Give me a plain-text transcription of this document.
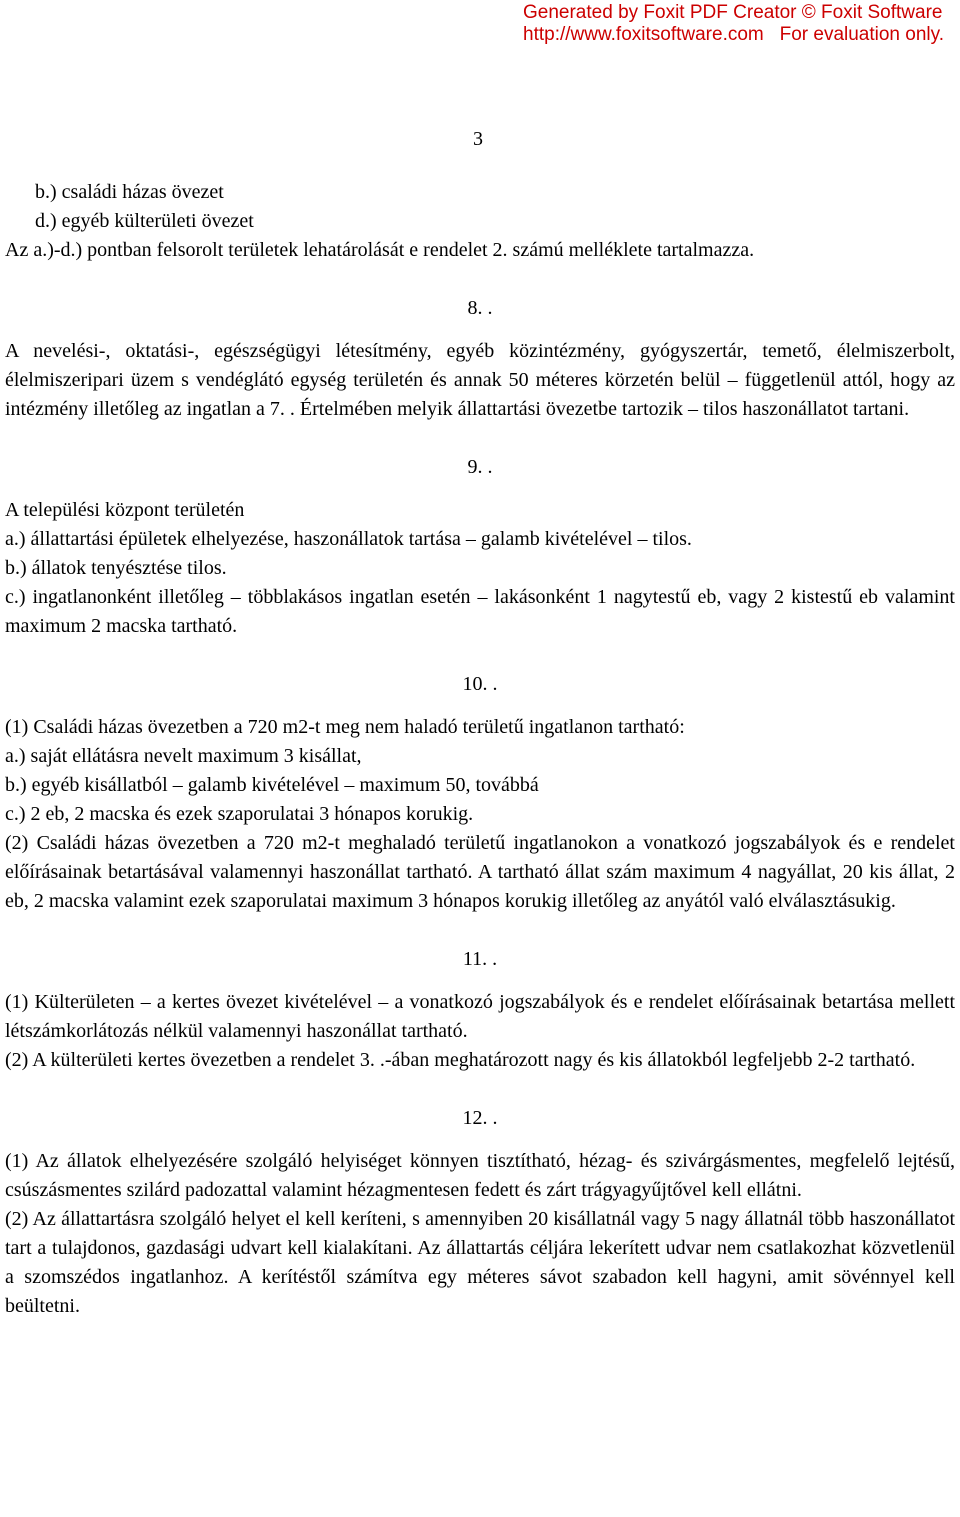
Generated by Foxit PDF Creator © Foxit Software
http://www.foxitsoftware.com For evaluation only.
3
b.) családi házas övezet
d.) egyéb külterületi övezet
Az a.)-d.) pontban felsorolt területek lehatárolását e rendelet 2. számú melléklete tartalmazza.
8. .
A nevelési-, oktatási-, egészségügyi létesítmény, egyéb közintézmény, gyógyszertár, temető, élelmiszerbolt, élelmiszeripari üzem s vendéglátó egység területén és annak 50 méteres körzetén belül – függetlenül attól, hogy az intézmény illetőleg az ingatlan a 7. . Értelmében melyik állattartási övezetbe tartozik – tilos haszonállatot tartani.
9. .
A települési központ területén
a.) állattartási épületek elhelyezése, haszonállatok tartása – galamb kivételével – tilos.
b.) állatok tenyésztése tilos.
c.) ingatlanonként illetőleg – többlakásos ingatlan esetén – lakásonként 1 nagytestű eb, vagy 2 kistestű eb valamint maximum 2 macska tartható.
10. .
(1) Családi házas övezetben a 720 m2-t meg nem haladó területű ingatlanon tartható:
a.) saját ellátásra nevelt maximum 3 kisállat,
b.) egyéb kisállatból – galamb kivételével – maximum 50, továbbá
c.) 2 eb, 2 macska és ezek szaporulatai 3 hónapos korukig.
(2) Családi házas övezetben a 720 m2-t meghaladó területű ingatlanokon a vonatkozó jogszabályok és e rendelet előírásainak betartásával valamennyi haszonállat tartható. A tartható állat szám maximum 4 nagyállat, 20 kis állat, 2 eb, 2 macska valamint ezek szaporulatai maximum 3 hónapos korukig illetőleg az anyától való elválasztásukig.
11. .
(1) Külterületen – a kertes övezet kivételével – a vonatkozó jogszabályok és e rendelet előírásainak betartása mellett létszámkorlátozás nélkül valamennyi haszonállat tartható.
(2) A külterületi kertes övezetben a rendelet 3. .-ában meghatározott nagy és kis állatokból legfeljebb 2-2 tartható.
12. .
(1) Az állatok elhelyezésére szolgáló helyiséget könnyen tisztítható, hézag- és szivárgásmentes, megfelelő lejtésű, csúszásmentes szilárd padozattal valamint hézagmentesen fedett és zárt trágyagyűjtővel kell ellátni.
(2) Az állattartásra szolgáló helyet el kell keríteni, s amennyiben 20 kisállatnál vagy 5 nagy állatnál több haszonállatot tart a tulajdonos, gazdasági udvart kell kialakítani. Az állattartás céljára lekerített udvar nem csatlakozhat közvetlenül a szomszédos ingatlanhoz. A kerítéstől számítva egy méteres sávot szabadon kell hagyni, amit sövénnyel kell beültetni.
